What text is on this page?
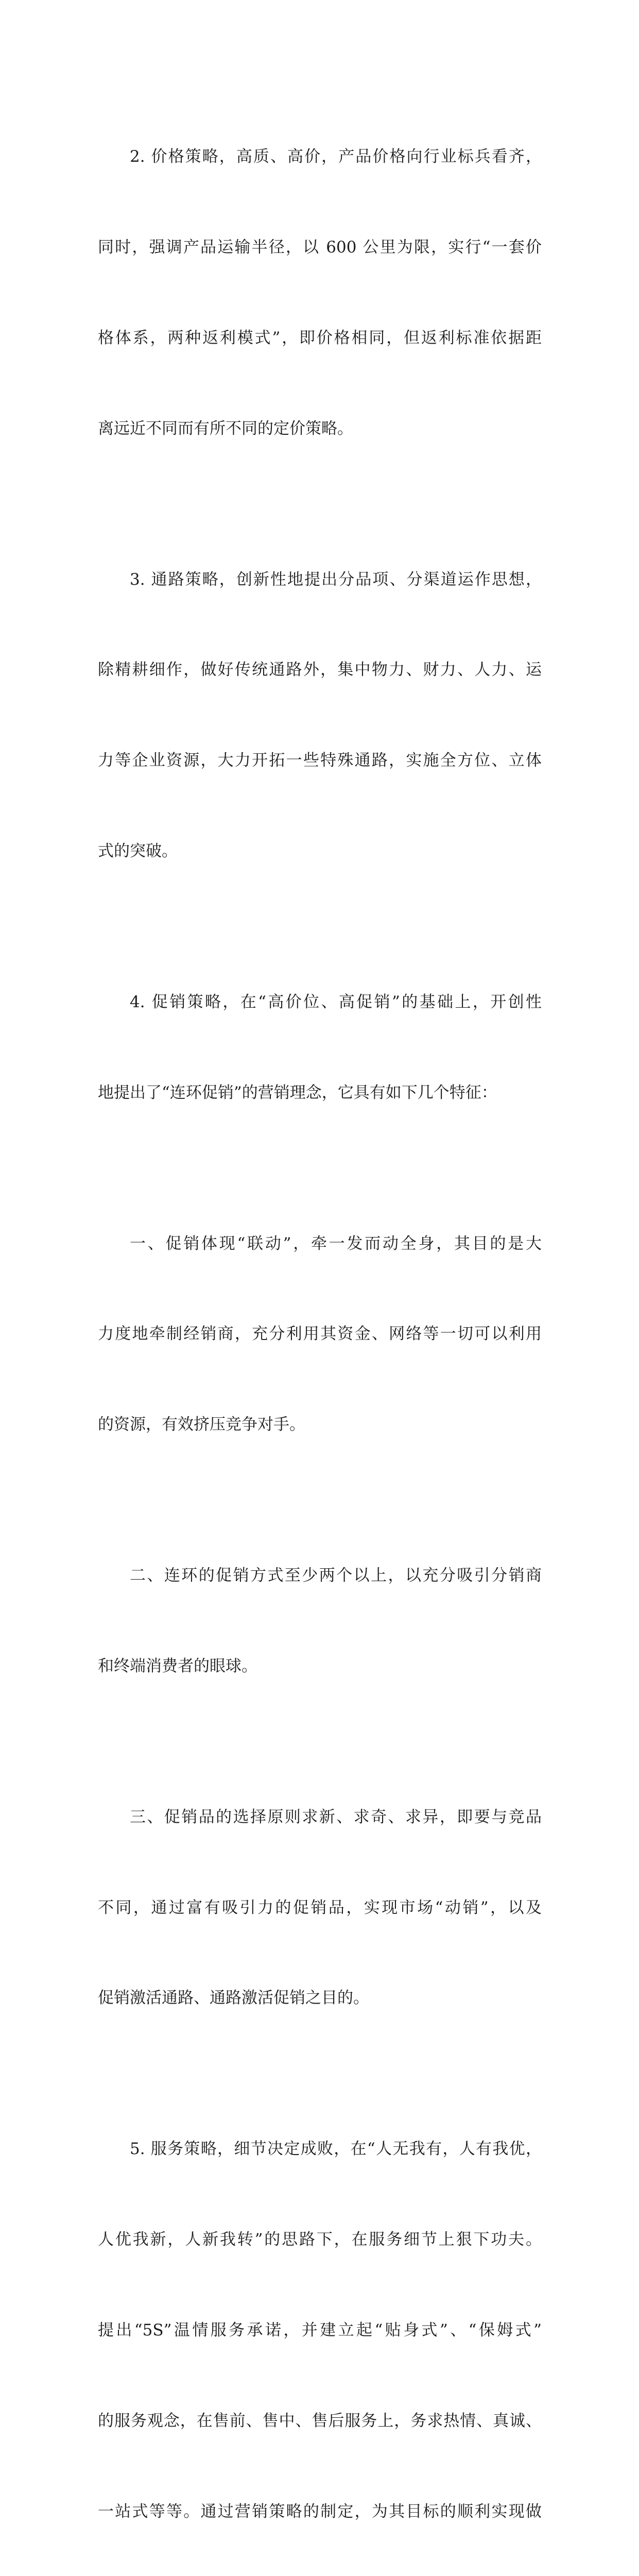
2. 价格策略，高质、高价，产品价格向行业标兵看齐，

同时，强调产品运输半径，以 600 公里为限，实行“一套价

格体系，两种返利模式”，即价格相同，但返利标准依据距

离远近不同而有所不同的定价策略。

3. 通路策略，创新性地提出分品项、分渠道运作思想，

除精耕细作，做好传统通路外，集中物力、财力、人力、运

力等企业资源，大力开拓一些特殊通路，实施全方位、立体

式的突破。

4. 促销策略，在“高价位、高促销”的基础上，开创性

地提出了“连环促销”的营销理念，它具有如下几个特征：

一、促销体现“联动”，牵一发而动全身，其目的是大

力度地牵制经销商，充分利用其资金、网络等一切可以利用

的资源，有效挤压竞争对手。

二、连环的促销方式至少两个以上，以充分吸引分销商

和终端消费者的眼球。

三、促销品的选择原则求新、求奇、求异，即要与竞品

不同，通过富有吸引力的促销品，实现市场“动销”，以及

促销激活通路、通路激活促销之目的。

5. 服务策略，细节决定成败，在“人无我有，人有我优，

人优我新，人新我转”的思路下，在服务细节上狠下功夫。

提出“5S”温情服务承诺，并建立起“贴身式”、“保姆式”

的服务观念，在售前、售中、售后服务上，务求热情、真诚、

一站式等等。通过营销策略的制定，为其目标的顺利实现做
